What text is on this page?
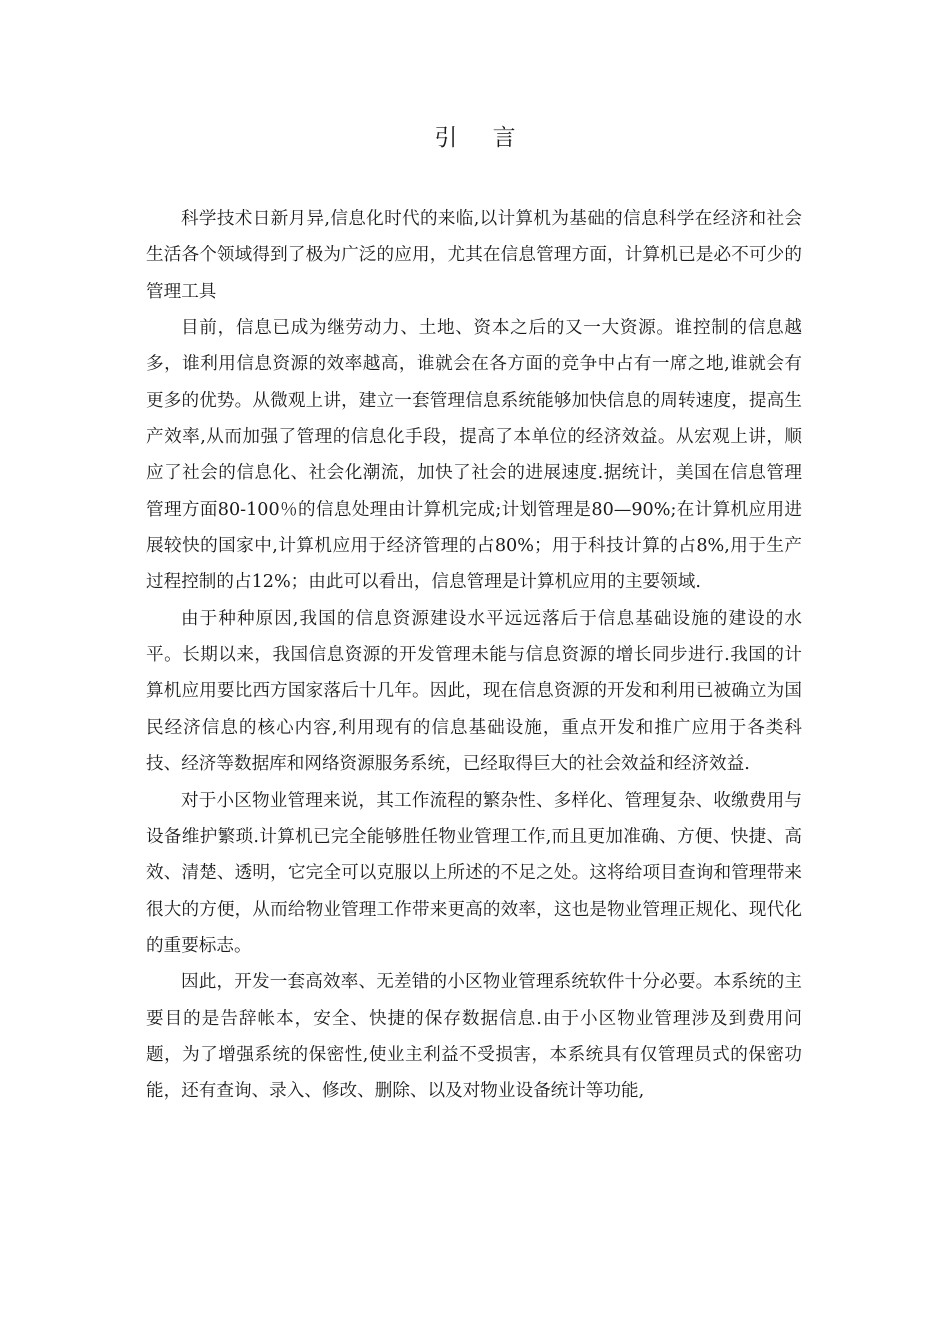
引 言

科学技术日新月异,信息化时代的来临,以计算机为基础的信息科学在经济和社会生活各个领域得到了极为广泛的应用，尤其在信息管理方面，计算机已是必不可少的管理工具

目前，信息已成为继劳动力、土地、资本之后的又一大资源。谁控制的信息越多，谁利用信息资源的效率越高，谁就会在各方面的竞争中占有一席之地,谁就会有更多的优势。从微观上讲，建立一套管理信息系统能够加快信息的周转速度，提高生产效率,从而加强了管理的信息化手段，提高了本单位的经济效益。从宏观上讲，顺应了社会的信息化、社会化潮流，加快了社会的进展速度.据统计，美国在信息管理管理方面80-100％的信息处理由计算机完成;计划管理是80—90%;在计算机应用进展较快的国家中,计算机应用于经济管理的占80%；用于科技计算的占8%,用于生产过程控制的占12%；由此可以看出，信息管理是计算机应用的主要领域.

由于种种原因,我国的信息资源建设水平远远落后于信息基础设施的建设的水平。长期以来，我国信息资源的开发管理未能与信息资源的增长同步进行.我国的计算机应用要比西方国家落后十几年。因此，现在信息资源的开发和利用已被确立为国民经济信息的核心内容,利用现有的信息基础设施，重点开发和推广应用于各类科技、经济等数据库和网络资源服务系统，已经取得巨大的社会效益和经济效益.

对于小区物业管理来说，其工作流程的繁杂性、多样化、管理复杂、收缴费用与设备维护繁琐.计算机已完全能够胜任物业管理工作,而且更加准确、方便、快捷、高效、清楚、透明，它完全可以克服以上所述的不足之处。这将给项目查询和管理带来很大的方便，从而给物业管理工作带来更高的效率，这也是物业管理正规化、现代化的重要标志。

因此，开发一套高效率、无差错的小区物业管理系统软件十分必要。本系统的主要目的是告辞帐本，安全、快捷的保存数据信息.由于小区物业管理涉及到费用问题，为了增强系统的保密性,使业主利益不受损害，本系统具有仅管理员式的保密功能，还有查询、录入、修改、删除、以及对物业设备统计等功能,
